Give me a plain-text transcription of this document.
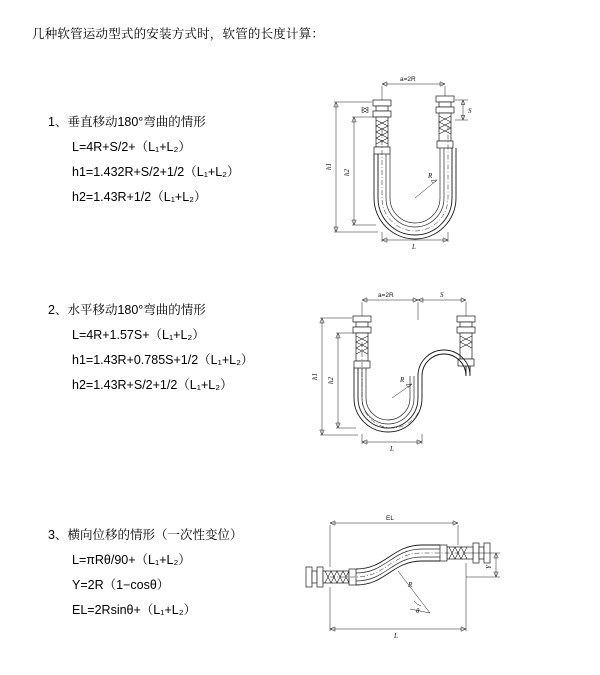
几种软管运动型式的安装方式时，软管的长度计算：
1、垂直移动180°弯曲的情形
L=4R+S/2+（L₁+L₂）
h1=1.432R+S/2+1/2（L₁+L₂）
h2=1.43R+1/2（L₁+L₂）
2、水平移动180°弯曲的情形
L=4R+1.57S+（L₁+L₂）
h1=1.43R+0.785S+1/2（L₁+L₂）
h2=1.43R+S/2+1/2（L₁+L₂）
3、横向位移的情形（一次性变位）
L=πRθ/90+（L₁+L₂）
Y=2R（1−cosθ）
EL=2Rsinθ+（L₁+L₂）
a=2R
R
L
h1
h2
S
a=2R	S
R
L
h1
h2
EL
θ
R
Y
L
